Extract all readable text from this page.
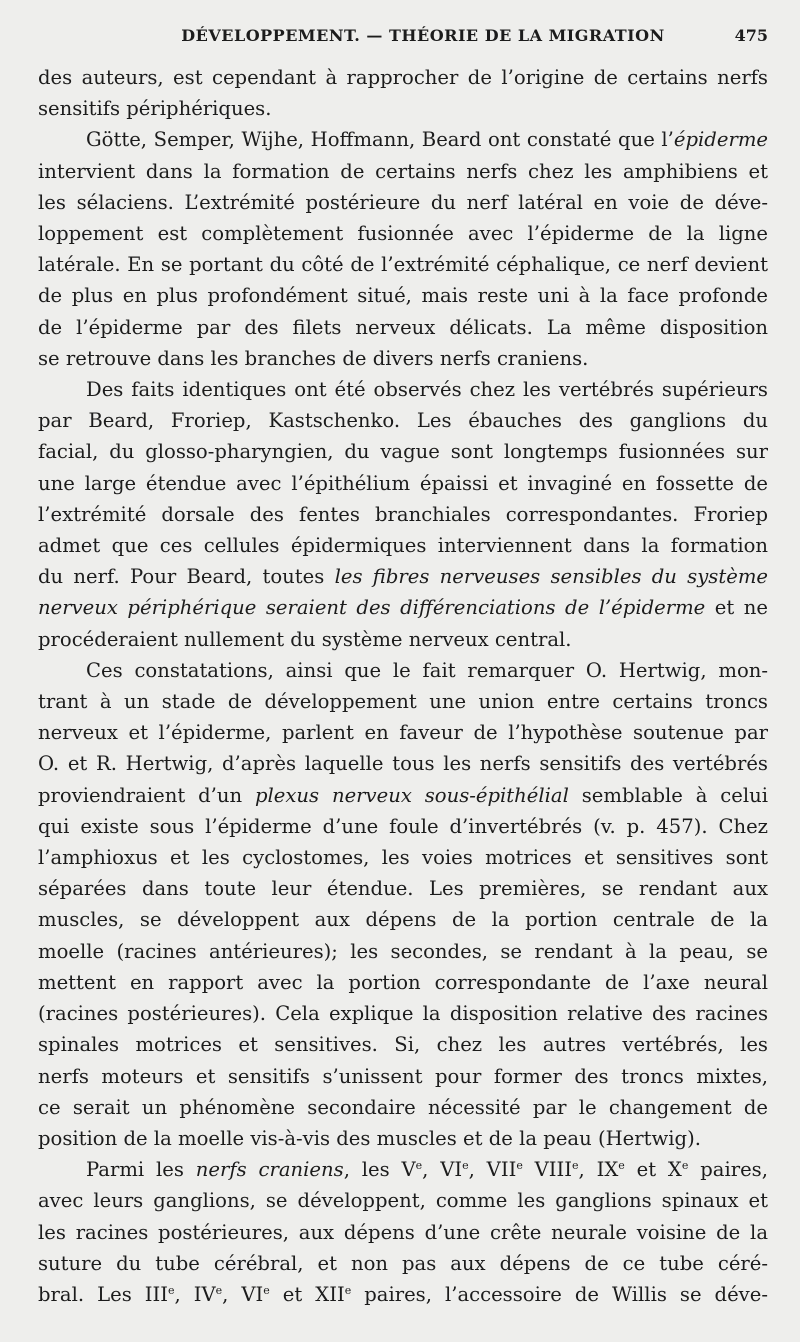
DÉVELOPPEMENT. — THÉORIE DE LA MIGRATION	475
des auteurs, est cependant à rapprocher de l’origine de certains nerfs
sensitifs périphériques.
Götte, Semper, Wijhe, Hoffmann, Beard ont constaté que l’épiderme
intervient dans la formation de certains nerfs chez les amphibiens et
les sélaciens. L’extrémité postérieure du nerf latéral en voie de déve-
loppement est complètement fusionnée avec l’épiderme de la ligne
latérale. En se portant du côté de l’extrémité céphalique, ce nerf devient
de plus en plus profondément situé, mais reste uni à la face profonde
de l’épiderme par des filets nerveux délicats. La même disposition
se retrouve dans les branches de divers nerfs craniens.
Des faits identiques ont été observés chez les vertébrés supérieurs
par Beard, Froriep, Kastschenko. Les ébauches des ganglions du
facial, du glosso-pharyngien, du vague sont longtemps fusionnées sur
une large étendue avec l’épithélium épaissi et invaginé en fossette de
l’extrémité dorsale des fentes branchiales correspondantes. Froriep
admet que ces cellules épidermiques interviennent dans la formation
du nerf. Pour Beard, toutes les fibres nerveuses sensibles du système
nerveux périphérique seraient des différenciations de l’épiderme et ne
procéderaient nullement du système nerveux central.
Ces constatations, ainsi que le fait remarquer O. Hertwig, mon-
trant à un stade de développement une union entre certains troncs
nerveux et l’épiderme, parlent en faveur de l’hypothèse soutenue par
O. et R. Hertwig, d’après laquelle tous les nerfs sensitifs des vertébrés
proviendraient d’un plexus nerveux sous-épithélial semblable à celui
qui existe sous l’épiderme d’une foule d’invertébrés (v. p. 457). Chez
l’amphioxus et les cyclostomes, les voies motrices et sensitives sont
séparées dans toute leur étendue. Les premières, se rendant aux
muscles, se développent aux dépens de la portion centrale de la
moelle (racines antérieures); les secondes, se rendant à la peau, se
mettent en rapport avec la portion correspondante de l’axe neural
(racines postérieures). Cela explique la disposition relative des racines
spinales motrices et sensitives. Si, chez les autres vertébrés, les
nerfs moteurs et sensitifs s’unissent pour former des troncs mixtes,
ce serait un phénomène secondaire nécessité par le changement de
position de la moelle vis-à-vis des muscles et de la peau (Hertwig).
Parmi les nerfs craniens, les Ve, VIe, VIIe VIIIe, IXe et Xe paires,
avec leurs ganglions, se développent, comme les ganglions spinaux et
les racines postérieures, aux dépens d’une crête neurale voisine de la
suture du tube cérébral, et non pas aux dépens de ce tube céré-
bral. Les IIIe, IVe, VIe et XIIe paires, l’accessoire de Willis se déve-
